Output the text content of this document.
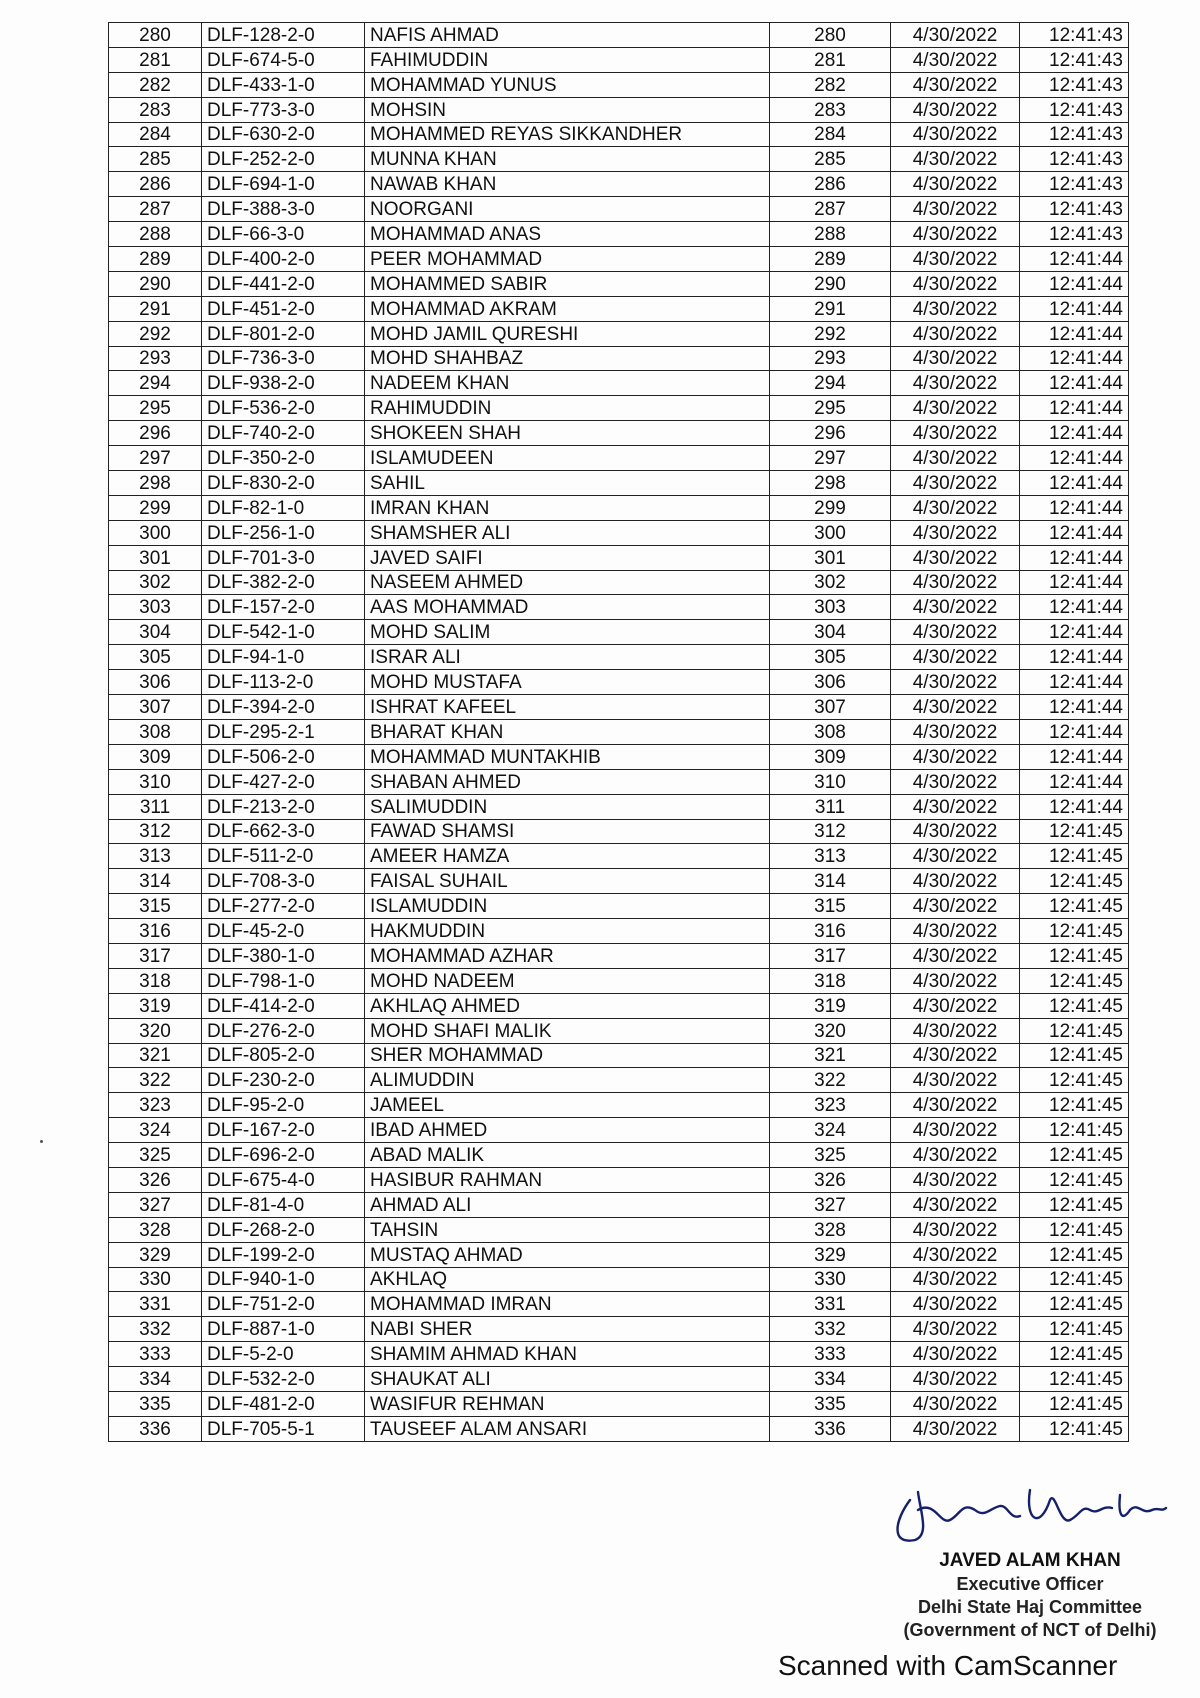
280	DLF-128-2-0	NAFIS AHMAD	280	4/30/2022	12:41:43
281	DLF-674-5-0	FAHIMUDDIN	281	4/30/2022	12:41:43
282	DLF-433-1-0	MOHAMMAD YUNUS	282	4/30/2022	12:41:43
283	DLF-773-3-0	MOHSIN	283	4/30/2022	12:41:43
284	DLF-630-2-0	MOHAMMED REYAS SIKKANDHER	284	4/30/2022	12:41:43
285	DLF-252-2-0	MUNNA KHAN	285	4/30/2022	12:41:43
286	DLF-694-1-0	NAWAB KHAN	286	4/30/2022	12:41:43
287	DLF-388-3-0	NOORGANI	287	4/30/2022	12:41:43
288	DLF-66-3-0	MOHAMMAD ANAS	288	4/30/2022	12:41:43
289	DLF-400-2-0	PEER MOHAMMAD	289	4/30/2022	12:41:44
290	DLF-441-2-0	MOHAMMED SABIR	290	4/30/2022	12:41:44
291	DLF-451-2-0	MOHAMMAD AKRAM	291	4/30/2022	12:41:44
292	DLF-801-2-0	MOHD JAMIL QURESHI	292	4/30/2022	12:41:44
293	DLF-736-3-0	MOHD SHAHBAZ	293	4/30/2022	12:41:44
294	DLF-938-2-0	NADEEM KHAN	294	4/30/2022	12:41:44
295	DLF-536-2-0	RAHIMUDDIN	295	4/30/2022	12:41:44
296	DLF-740-2-0	SHOKEEN SHAH	296	4/30/2022	12:41:44
297	DLF-350-2-0	ISLAMUDEEN	297	4/30/2022	12:41:44
298	DLF-830-2-0	SAHIL	298	4/30/2022	12:41:44
299	DLF-82-1-0	IMRAN KHAN	299	4/30/2022	12:41:44
300	DLF-256-1-0	SHAMSHER ALI	300	4/30/2022	12:41:44
301	DLF-701-3-0	JAVED SAIFI	301	4/30/2022	12:41:44
302	DLF-382-2-0	NASEEM AHMED	302	4/30/2022	12:41:44
303	DLF-157-2-0	AAS MOHAMMAD	303	4/30/2022	12:41:44
304	DLF-542-1-0	MOHD SALIM	304	4/30/2022	12:41:44
305	DLF-94-1-0	ISRAR ALI	305	4/30/2022	12:41:44
306	DLF-113-2-0	MOHD MUSTAFA	306	4/30/2022	12:41:44
307	DLF-394-2-0	ISHRAT KAFEEL	307	4/30/2022	12:41:44
308	DLF-295-2-1	BHARAT KHAN	308	4/30/2022	12:41:44
309	DLF-506-2-0	MOHAMMAD MUNTAKHIB	309	4/30/2022	12:41:44
310	DLF-427-2-0	SHABAN AHMED	310	4/30/2022	12:41:44
311	DLF-213-2-0	SALIMUDDIN	311	4/30/2022	12:41:44
312	DLF-662-3-0	FAWAD SHAMSI	312	4/30/2022	12:41:45
313	DLF-511-2-0	AMEER HAMZA	313	4/30/2022	12:41:45
314	DLF-708-3-0	FAISAL SUHAIL	314	4/30/2022	12:41:45
315	DLF-277-2-0	ISLAMUDDIN	315	4/30/2022	12:41:45
316	DLF-45-2-0	HAKMUDDIN	316	4/30/2022	12:41:45
317	DLF-380-1-0	MOHAMMAD AZHAR	317	4/30/2022	12:41:45
318	DLF-798-1-0	MOHD NADEEM	318	4/30/2022	12:41:45
319	DLF-414-2-0	AKHLAQ AHMED	319	4/30/2022	12:41:45
320	DLF-276-2-0	MOHD SHAFI MALIK	320	4/30/2022	12:41:45
321	DLF-805-2-0	SHER MOHAMMAD	321	4/30/2022	12:41:45
322	DLF-230-2-0	ALIMUDDIN	322	4/30/2022	12:41:45
323	DLF-95-2-0	JAMEEL	323	4/30/2022	12:41:45
324	DLF-167-2-0	IBAD AHMED	324	4/30/2022	12:41:45
325	DLF-696-2-0	ABAD MALIK	325	4/30/2022	12:41:45
326	DLF-675-4-0	HASIBUR RAHMAN	326	4/30/2022	12:41:45
327	DLF-81-4-0	AHMAD ALI	327	4/30/2022	12:41:45
328	DLF-268-2-0	TAHSIN	328	4/30/2022	12:41:45
329	DLF-199-2-0	MUSTAQ AHMAD	329	4/30/2022	12:41:45
330	DLF-940-1-0	AKHLAQ	330	4/30/2022	12:41:45
331	DLF-751-2-0	MOHAMMAD IMRAN	331	4/30/2022	12:41:45
332	DLF-887-1-0	NABI SHER	332	4/30/2022	12:41:45
333	DLF-5-2-0	SHAMIM AHMAD KHAN	333	4/30/2022	12:41:45
334	DLF-532-2-0	SHAUKAT ALI	334	4/30/2022	12:41:45
335	DLF-481-2-0	WASIFUR REHMAN	335	4/30/2022	12:41:45
336	DLF-705-5-1	TAUSEEF ALAM ANSARI	336	4/30/2022	12:41:45
JAVED ALAM KHAN
Executive Officer
Delhi State Haj Committee
(Government of NCT of Delhi)
Scanned with CamScanner
